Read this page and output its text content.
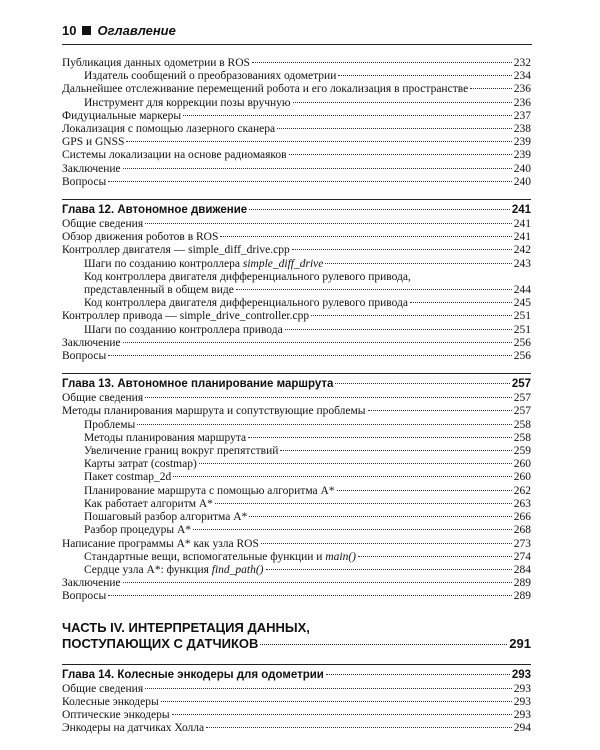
10 Оглавление
Публикация данных одометрии в ROS	232
Издатель сообщений о преобразованиях одометрии	234
Дальнейшее отслеживание перемещений робота и его локализация в пространстве	236
Инструмент для коррекции позы вручную	236
Фидуциальные маркеры	237
Локализация с помощью лазерного сканера	238
GPS и GNSS	239
Системы локализации на основе радиомаяков	239
Заключение	240
Вопросы	240
Глава 12. Автономное движение	241
Общие сведения	241
Обзор движения роботов в ROS	241
Контроллер двигателя — simple_diff_drive.cpp	242
Шаги по созданию контроллера simple_diff_drive	243
Код контроллера двигателя дифференциального рулевого привода,
представленный в общем виде	244
Код контроллера двигателя дифференциального рулевого привода	245
Контроллер привода — simple_drive_controller.cpp	251
Шаги по созданию контроллера привода	251
Заключение	256
Вопросы	256
Глава 13. Автономное планирование маршрута	257
Общие сведения	257
Методы планирования маршрута и сопутствующие проблемы	257
Проблемы	258
Методы планирования маршрута	258
Увеличение границ вокруг препятствий	259
Карты затрат (costmap)	260
Пакет costmap_2d	260
Планирование маршрута с помощью алгоритма A*	262
Как работает алгоритм A*	263
Пошаговый разбор алгоритма A*	266
Разбор процедуры A*	268
Написание программы A* как узла ROS	273
Стандартные вещи, вспомогательные функции и main()	274
Сердце узла A*: функция find_path()	284
Заключение	289
Вопросы	289
ЧАСТЬ IV. ИНТЕРПРЕТАЦИЯ ДАННЫХ,
ПОСТУПАЮЩИХ С ДАТЧИКОВ	291
Глава 14. Колесные энкодеры для одометрии	293
Общие сведения	293
Колесные энкодеры	293
Оптические энкодеры	293
Энкодеры на датчиках Холла	294
